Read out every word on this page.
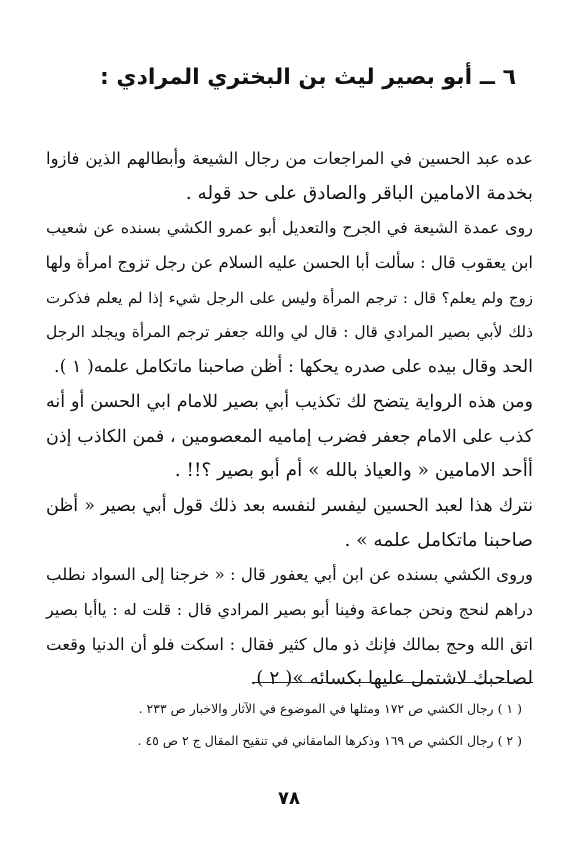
٦ ــ أبو بصير ليث بن البختري المرادي :
عده عبد الحسين في المراجعات من رجال الشيعة وأبطالهم الذين فازوا
بخدمة الامامين الباقر والصادق على حد قوله .
روى عمدة الشيعة في الجرح والتعديل أبو عمرو الكشي بسنده عن شعيب
ابن يعقوب قال : سألت أبا الحسن عليه السلام عن رجل تزوج امرأة ولها
زوج ولم يعلم؟ قال : ترجم المرأة وليس على الرجل شيء إذا لم يعلم فذكرت
ذلك لأبي بصير المرادي قال : قال لي والله جعفر ترجم المرأة ويجلد الرجل
الحد وقال بيده على صدره يحكها : أظن صاحبنا ماتكامل علمه( ١ ).
ومن هذه الرواية يتضح لك تكذيب أبي بصير للامام ابي الحسن أو أنه
كذب على الامام جعفر فضرب إماميه المعصومين ، فمن الكاذب إذن
أأحد الامامين « والعياذ بالله » أم أبو بصير ؟!! .
نترك هذا لعبد الحسين ليفسر لنفسه بعد ذلك قول أبي بصير « أظن
صاحبنا ماتكامل علمه » .
وروى الكشي بسنده عن ابن أبي يعفور قال : « خرجنا إلى السواد نطلب
دراهم لنحج ونحن جماعة وفينا أبو بصير المرادي قال : قلت له : ياأبا بصير
اتق الله وحج بمالك فإنك ذو مال كثير فقال : اسكت فلو أن الدنيا وقعت
لصاحبك لاشتمل عليها بكسائه »( ٢ ).
( ١ ) رجال الكشي ص ١٧٢ ومثلها في الموضوع في الآثار والاخبار ص ٢٣٣ .
( ٢ ) رجال الكشي ص ١٦٩ وذكرها المامقاني في تنقيح المقال ج ٢ ص ٤٥ .
٧٨
